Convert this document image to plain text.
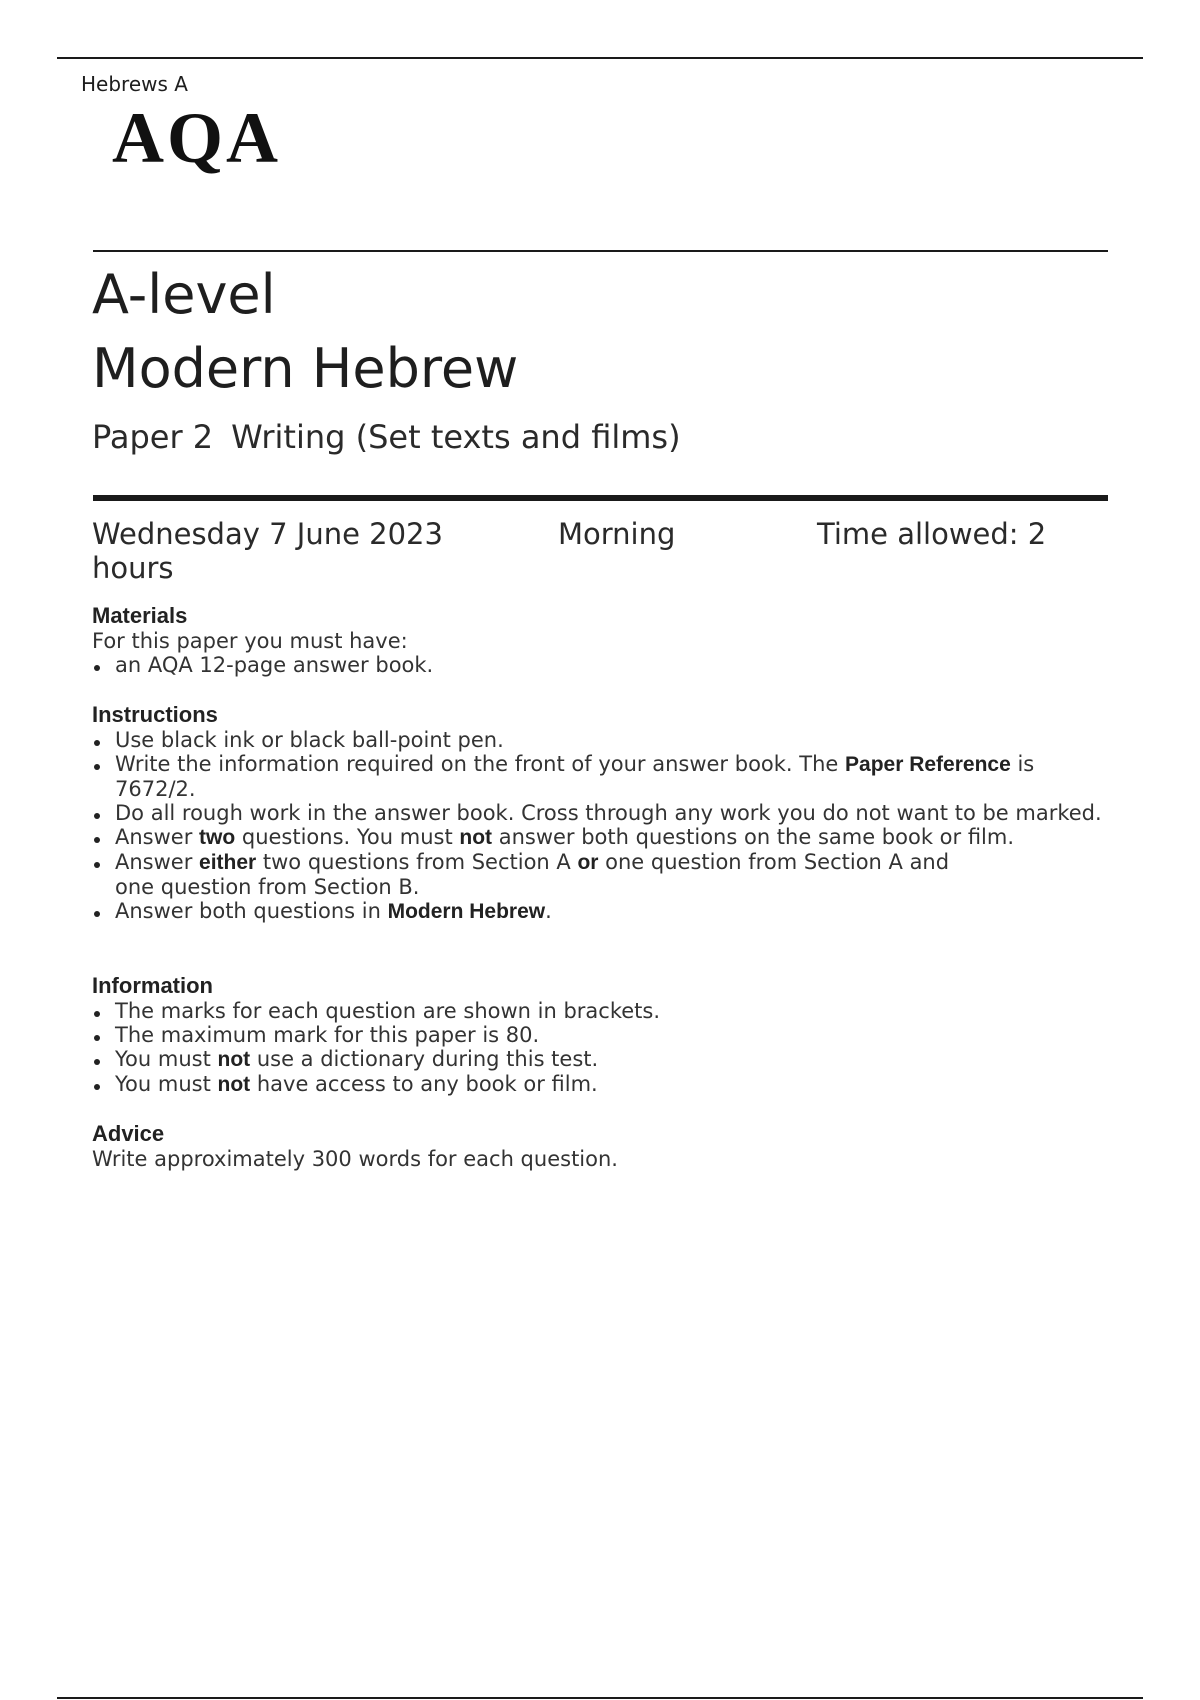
Hebrews A
AQA
A-level
Modern Hebrew
Paper 2 Writing (Set texts and films)
Wednesday 7 June 2023	Morning	Time allowed: 2
hours
Materials

For this paper you must have:

an AQA 12-page answer book.
Instructions
Use black ink or black ball-point pen.
Write the information required on the front of your answer book. The Paper Reference is 7672/2.
Do all rough work in the answer book. Cross through any work you do not want to be marked.
Answer two questions. You must not answer both questions on the same book or film.
Answer either two questions from Section A or one question from Section A and
one question from Section B.
Answer both questions in Modern Hebrew.
Information
The marks for each question are shown in brackets.
The maximum mark for this paper is 80.
You must not use a dictionary during this test.
You must not have access to any book or film.
Advice

Write approximately 300 words for each question.
